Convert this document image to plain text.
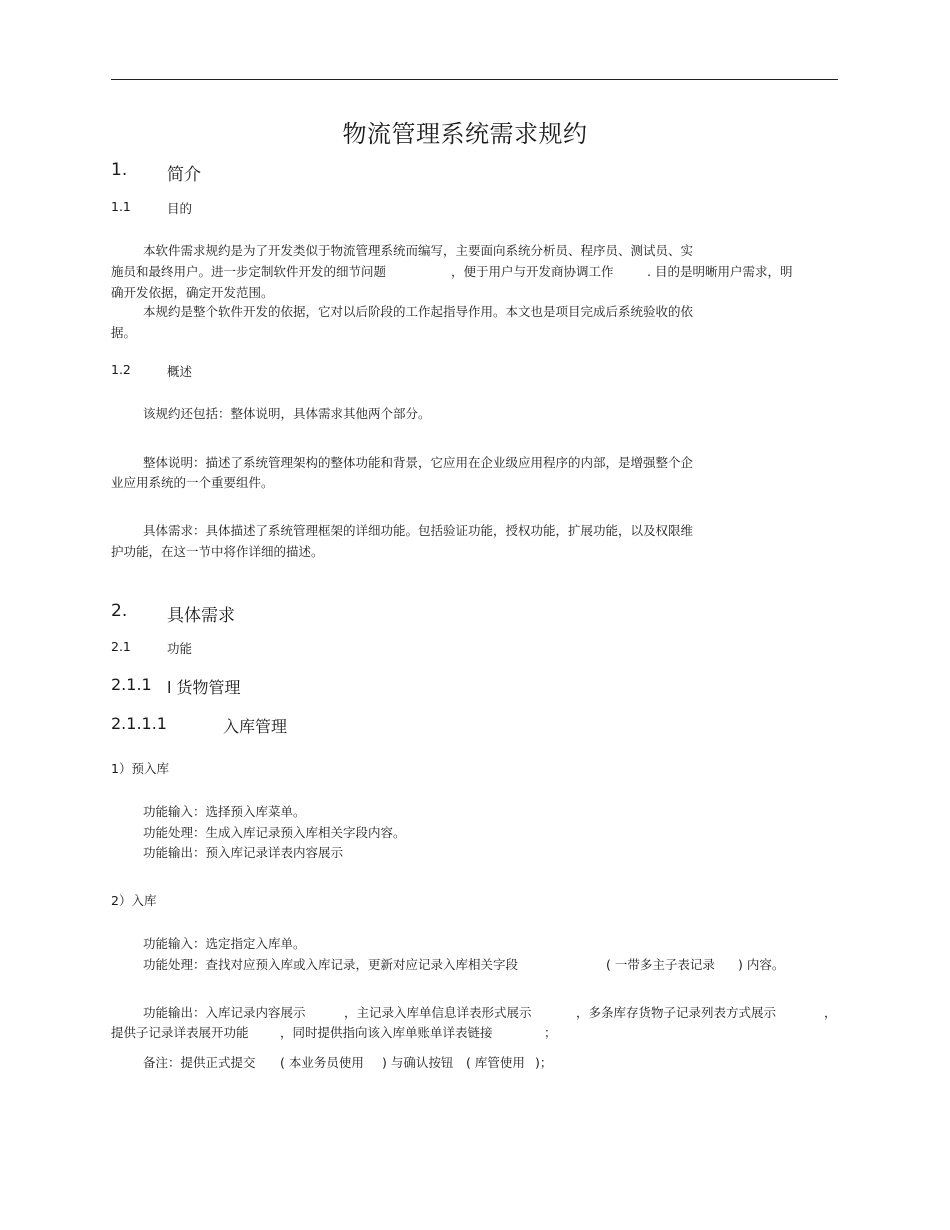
物流管理系统需求规约
1. 简介
1.1	目的
本软件需求规约是为了开发类似于物流管理系统而编写，主要面向系统分析员、程序员、测试员、实
施员和最终用户。进一步定制软件开发的细节问题	，便于用户与开发商协调工作	. 目的是明晰用户需求，明
确开发依据，确定开发范围。
本规约是整个软件开发的依据，它对以后阶段的工作起指导作用。本文也是项目完成后系统验收的依
据。
1.2	概述
该规约还包括：整体说明，具体需求其他两个部分。
整体说明：描述了系统管理架构的整体功能和背景，它应用在企业级应用程序的内部，是增强整个企
业应用系统的一个重要组件。
具体需求：具体描述了系统管理框架的详细功能。包括验证功能，授权功能，扩展功能，以及权限维
护功能，在这一节中将作详细的描述。
2. 具体需求
2.1	功能
2.1.1 l 货物管理
2.1.1.1	入库管理
1）预入库
功能输入：选择预入库菜单。
功能处理：生成入库记录预入库相关字段内容。
功能输出：预入库记录详表内容展示
2）入库
功能输入：选定指定入库单。
功能处理：查找对应预入库或入库记录，更新对应记录入库相关字段	( 一带多主子表记录 ) 内容。
功能输出：入库记录内容展示	，主记录入库单信息详表形式展示	，多条库存货物子记录列表方式展示	，
提供子记录详表展开功能	，同时提供指向该入库单账单详表链接	；
备注：提供正式提交 ( 本业务员使用 ) 与确认按钮 ( 库管使用 )；
